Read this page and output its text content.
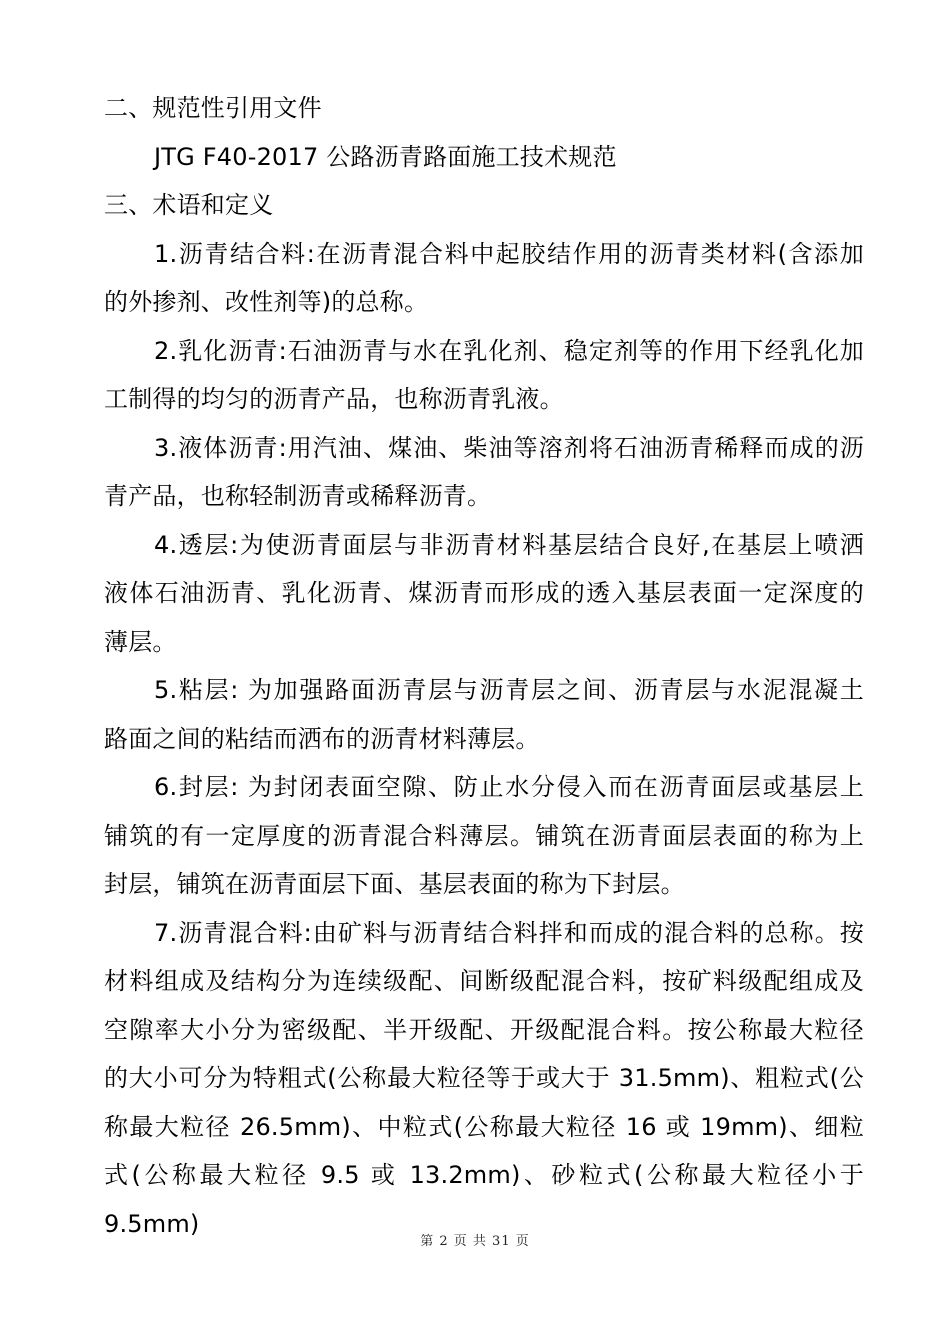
二、规范性引用文件
JTG F40-2017 公路沥青路面施工技术规范
三、术语和定义
1.沥青结合料:在沥青混合料中起胶结作用的沥青类材料(含添加
的外掺剂、改性剂等)的总称。
2.乳化沥青:石油沥青与水在乳化剂、稳定剂等的作用下经乳化加
工制得的均匀的沥青产品，也称沥青乳液。
3.液体沥青:用汽油、煤油、柴油等溶剂将石油沥青稀释而成的沥
青产品，也称轻制沥青或稀释沥青。
4.透层:为使沥青面层与非沥青材料基层结合良好,在基层上喷洒
液体石油沥青、乳化沥青、煤沥青而形成的透入基层表面一定深度的
薄层。
5.粘层: 为加强路面沥青层与沥青层之间、沥青层与水泥混凝土
路面之间的粘结而洒布的沥青材料薄层。
6.封层: 为封闭表面空隙、防止水分侵入而在沥青面层或基层上
铺筑的有一定厚度的沥青混合料薄层。铺筑在沥青面层表面的称为上
封层，铺筑在沥青面层下面、基层表面的称为下封层。
7.沥青混合料:由矿料与沥青结合料拌和而成的混合料的总称。按
材料组成及结构分为连续级配、间断级配混合料，按矿料级配组成及
空隙率大小分为密级配、半开级配、开级配混合料。按公称最大粒径
的大小可分为特粗式(公称最大粒径等于或大于 31.5mm)、粗粒式(公
称最大粒径 26.5mm)、中粒式(公称最大粒径 16 或 19mm)、细粒
式(公称最大粒径 9.5 或 13.2mm)、砂粒式(公称最大粒径小于 9.5mm)
第 2 页 共 31 页
